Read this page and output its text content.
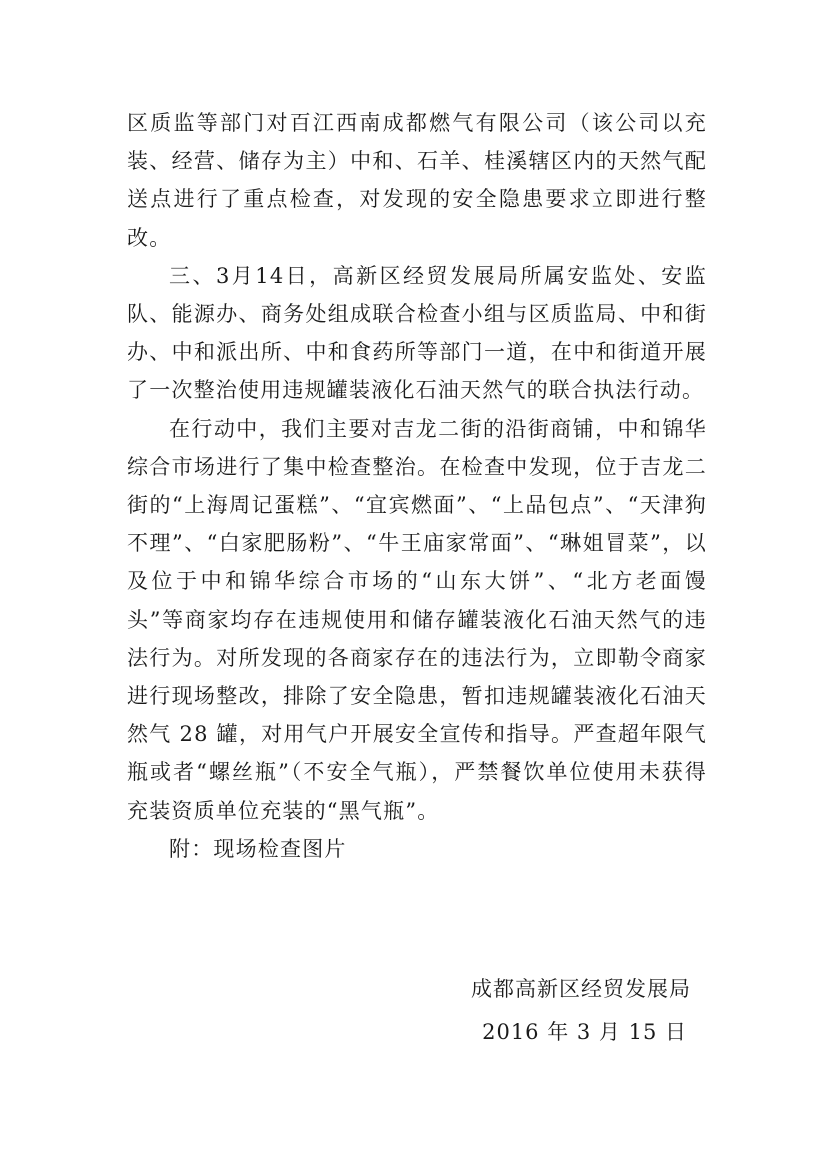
区质监等部门对百江西南成都燃气有限公司（该公司以充装、经营、储存为主）中和、石羊、桂溪辖区内的天然气配送点进行了重点检查，对发现的安全隐患要求立即进行整改。

三、3月14日，高新区经贸发展局所属安监处、安监队、能源办、商务处组成联合检查小组与区质监局、中和街办、中和派出所、中和食药所等部门一道，在中和街道开展了一次整治使用违规罐装液化石油天然气的联合执法行动。

在行动中，我们主要对吉龙二街的沿街商铺，中和锦华综合市场进行了集中检查整治。在检查中发现，位于吉龙二街的“上海周记蛋糕”、“宜宾燃面”、“上品包点”、“天津狗不理”、“白家肥肠粉”、“牛王庙家常面”、“琳姐冒菜”，以及位于中和锦华综合市场的“山东大饼”、“北方老面馒头”等商家均存在违规使用和储存罐装液化石油天然气的违法行为。对所发现的各商家存在的违法行为，立即勒令商家进行现场整改，排除了安全隐患，暂扣违规罐装液化石油天然气 28 罐，对用气户开展安全宣传和指导。严查超年限气瓶或者“螺丝瓶”（不安全气瓶），严禁餐饮单位使用未获得充装资质单位充装的“黑气瓶”。

附：现场检查图片

成都高新区经贸发展局
2016 年 3 月 15 日
